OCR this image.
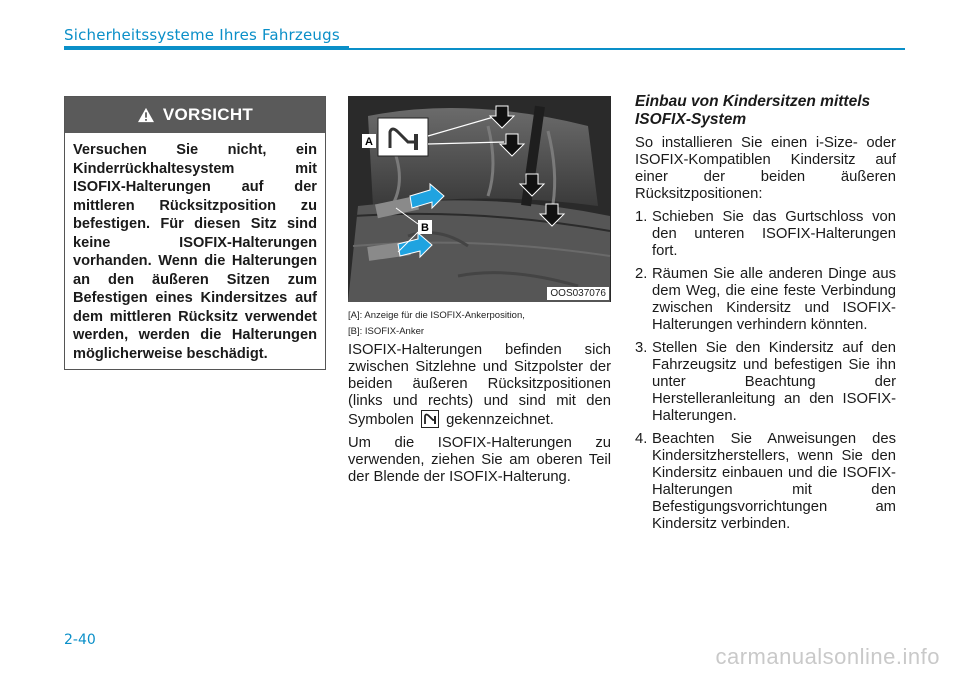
Sicherheitssysteme Ihres Fahrzeugs
VORSICHT
Versuchen Sie nicht, ein Kinderrückhaltesystem mit ISOFIX-Halterungen auf der mittleren Rücksitzposition zu befestigen. Für diesen Sitz sind keine ISOFIX-Halterungen vorhanden. Wenn die Halterungen an den äußeren Sitzen zum Befestigen eines Kindersitzes auf dem mittleren Rücksitz verwendet werden, werden die Halterungen möglicherweise beschädigt.
A
B
OOS037076
[A]: Anzeige für die ISOFIX-Ankerposition,
[B]: ISOFIX-Anker

ISOFIX-Halterungen befinden sich zwischen Sitzlehne und Sitzpolster der beiden äußeren Rücksitzpositionen (links und rechts) und sind mit den Symbolen gekennzeichnet.

Um die ISOFIX-Halterungen zu verwenden, ziehen Sie am oberen Teil der Blende der ISOFIX-Halterung.

Einbau von Kindersitzen mittels ISOFIX-System

So installieren Sie einen i-Size- oder ISOFIX-Kompatiblen Kindersitz auf einer der beiden äußeren Rücksitzpositionen:

1. Schieben Sie das Gurtschloss von den unteren ISOFIX-Halterungen fort.
2. Räumen Sie alle anderen Dinge aus dem Weg, die eine feste Verbindung zwischen Kindersitz und ISOFIX-Halterungen verhindern könnten.
3. Stellen Sie den Kindersitz auf den Fahrzeugsitz und befestigen Sie ihn unter Beachtung der Herstelleranleitung an den ISOFIX-Halterungen.
4. Beachten Sie Anweisungen des Kindersitzherstellers, wenn Sie den Kindersitz einbauen und die ISOFIX-Halterungen mit den Befestigungsvorrichtungen am Kindersitz verbinden.
2-40
carmanualsonline.info
